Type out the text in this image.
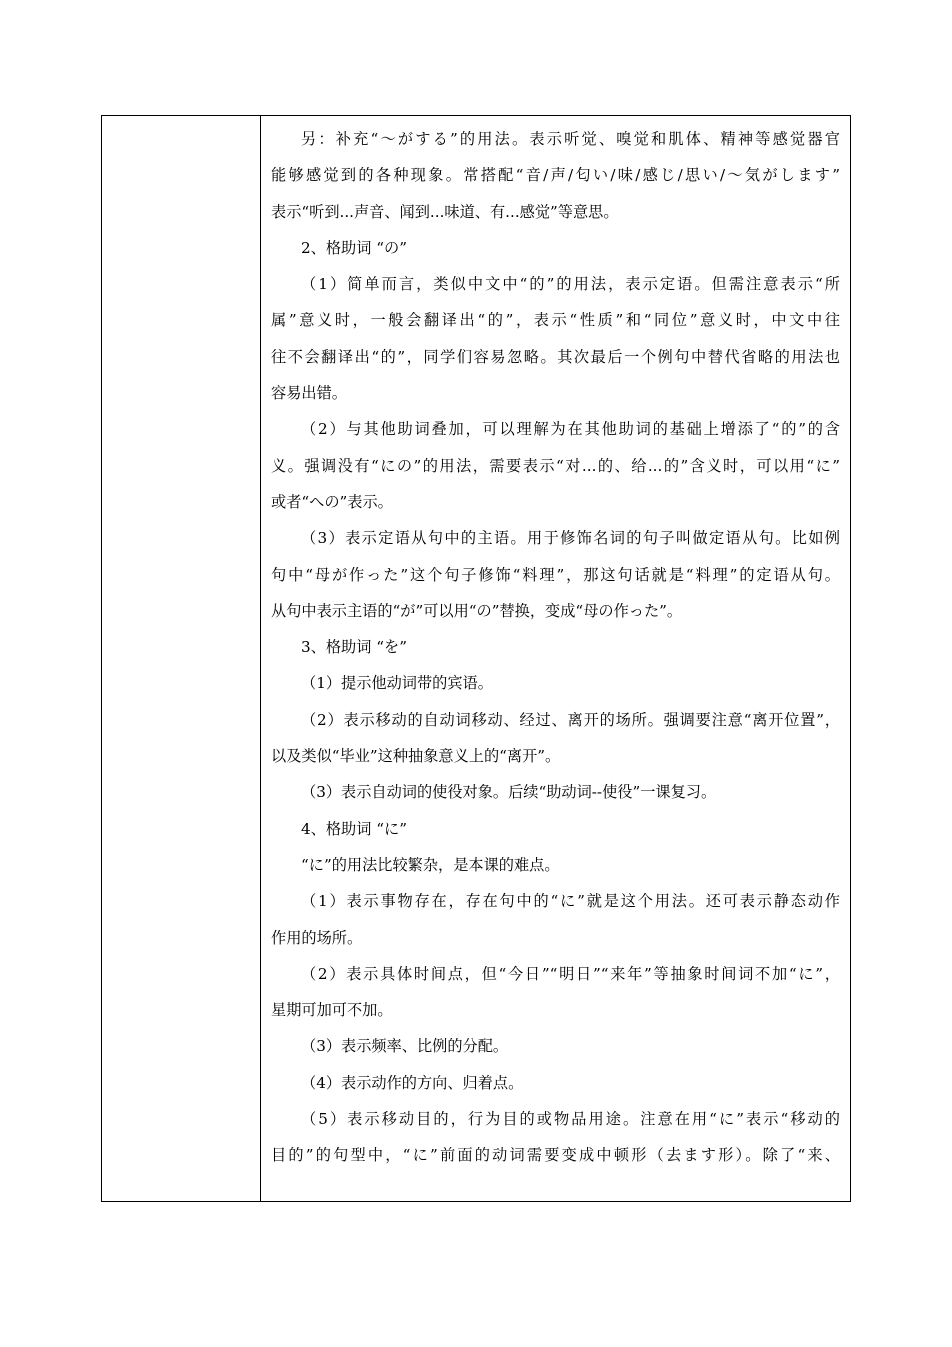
另：补充“～がする”的用法。表示听觉、嗅觉和肌体、精神等感觉器官
能够感觉到的各种现象。常搭配“音/声/匂い/味/感じ/思い/～気がします”
表示“听到...声音、闻到...味道、有...感觉”等意思。
2、格助词 “の”
（1）简单而言，类似中文中“的”的用法，表示定语。但需注意表示“所
属”意义时，一般会翻译出“的”，表示“性质”和“同位”意义时，中文中往
往不会翻译出“的”，同学们容易忽略。其次最后一个例句中替代省略的用法也
容易出错。
（2）与其他助词叠加，可以理解为在其他助词的基础上增添了“的”的含
义。强调没有“にの”的用法，需要表示“对...的、给...的”含义时，可以用“に”
或者“への”表示。
（3）表示定语从句中的主语。用于修饰名词的句子叫做定语从句。比如例
句中“母が作った”这个句子修饰“料理”，那这句话就是“料理”的定语从句。
从句中表示主语的“が”可以用“の”替换，变成“母の作った”。
3、格助词 “を”
（1）提示他动词带的宾语。
（2）表示移动的自动词移动、经过、离开的场所。强调要注意“离开位置”，
以及类似“毕业”这种抽象意义上的“离开”。
（3）表示自动词的使役对象。后续“助动词--使役”一课复习。
4、格助词 “に”
“に”的用法比较繁杂，是本课的难点。
（1）表示事物存在，存在句中的“に”就是这个用法。还可表示静态动作
作用的场所。
（2）表示具体时间点，但“今日”“明日”“来年”等抽象时间词不加“に”，
星期可加可不加。
（3）表示频率、比例的分配。
（4）表示动作的方向、归着点。
（5）表示移动目的，行为目的或物品用途。注意在用“に”表示“移动的
目的”的句型中，“に”前面的动词需要变成中顿形（去ます形）。除了“来、
